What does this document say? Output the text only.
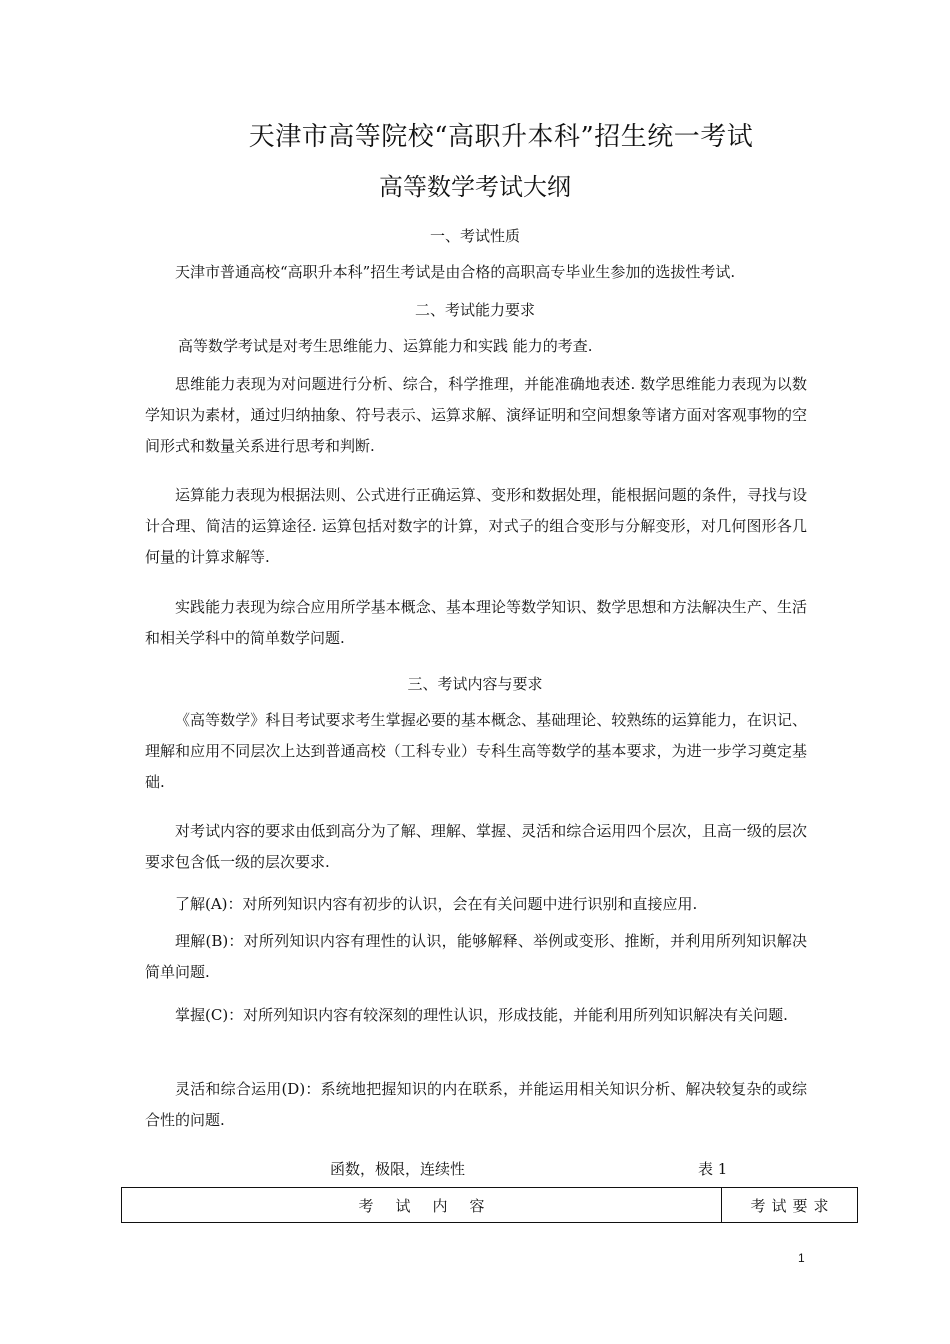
天津市高等院校“高职升本科”招生统一考试
高等数学考试大纲
一、考试性质
天津市普通高校“高职升本科”招生考试是由合格的高职高专毕业生参加的选拔性考试.
二、考试能力要求
高等数学考试是对考生思维能力、运算能力和实践 能力的考查.
思维能力表现为对问题进行分析、综合，科学推理，并能准确地表述. 数学思维能力表现为以数学知识为素材，通过归纳抽象、符号表示、运算求解、演绎证明和空间想象等诸方面对客观事物的空间形式和数量关系进行思考和判断.
运算能力表现为根据法则、公式进行正确运算、变形和数据处理，能根据问题的条件，寻找与设计合理、简洁的运算途径. 运算包括对数字的计算，对式子的组合变形与分解变形，对几何图形各几何量的计算求解等.
实践能力表现为综合应用所学基本概念、基本理论等数学知识、数学思想和方法解决生产、生活和相关学科中的简单数学问题.
三、考试内容与要求
《高等数学》科目考试要求考生掌握必要的基本概念、基础理论、较熟练的运算能力，在识记、理解和应用不同层次上达到普通高校（工科专业）专科生高等数学的基本要求，为进一步学习奠定基础.
对考试内容的要求由低到高分为了解、理解、掌握、灵活和综合运用四个层次，且高一级的层次要求包含低一级的层次要求.
了解(A)：对所列知识内容有初步的认识，会在有关问题中进行识别和直接应用.
理解(B)：对所列知识内容有理性的认识，能够解释、举例或变形、推断，并利用所列知识解决简单问题.
掌握(C)：对所列知识内容有较深刻的理性认识，形成技能，并能利用所列知识解决有关问题.
灵活和综合运用(D)：系统地把握知识的内在联系，并能运用相关知识分析、解决较复杂的或综合性的问题.
函数，极限，连续性	表 1
考试内容	考试要求
1
